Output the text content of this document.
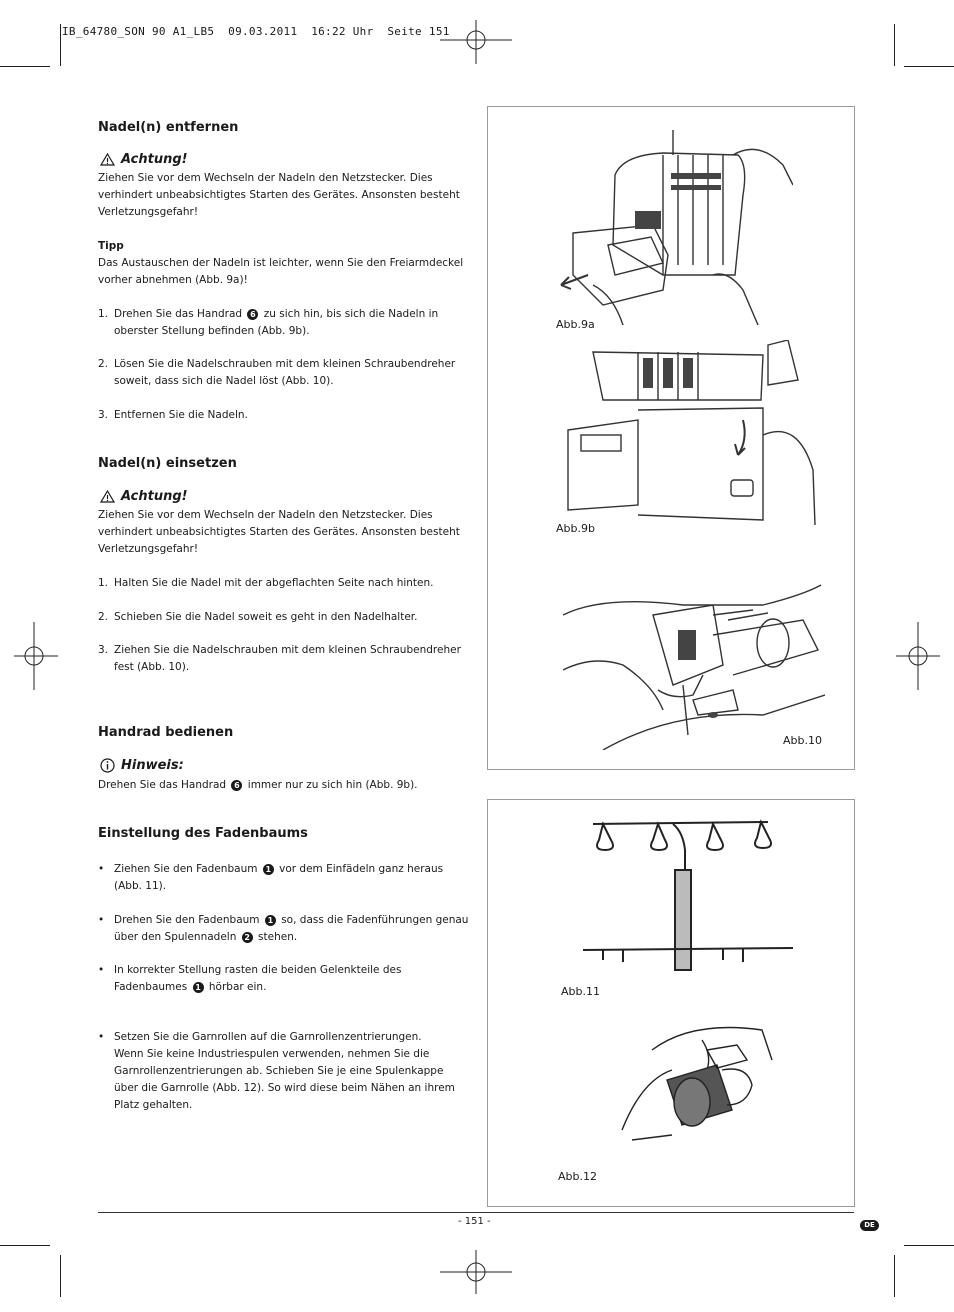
IB_64780_SON 90 A1_LB5  09.03.2011  16:22 Uhr  Seite 151
Nadel(n) entfernen
Achtung!
Ziehen Sie vor dem Wechseln der Nadeln den Netzstecker. Dies verhindert unbeabsichtigtes Starten des Gerätes. Ansonsten besteht Verletzungsgefahr!
Tipp
Das Austauschen der Nadeln ist leichter, wenn Sie den Freiarmdeckel vorher abnehmen (Abb. 9a)!
1. Drehen Sie das Handrad 6 zu sich hin, bis sich die Nadeln in oberster Stellung befinden (Abb. 9b).
2. Lösen Sie die Nadelschrauben mit dem kleinen Schraubendreher soweit, dass sich die Nadel löst (Abb. 10).
3. Entfernen Sie die Nadeln.
Nadel(n) einsetzen
Achtung!
Ziehen Sie vor dem Wechseln der Nadeln den Netzstecker. Dies verhindert unbeabsichtigtes Starten des Gerätes. Ansonsten besteht Verletzungsgefahr!
1. Halten Sie die Nadel mit der abgeflachten Seite nach hinten.
2. Schieben Sie die Nadel soweit es geht in den Nadelhalter.
3. Ziehen Sie die Nadelschrauben mit dem kleinen Schraubendreher fest (Abb. 10).
Handrad bedienen
Hinweis:
Drehen Sie das Handrad 6 immer nur zu sich hin (Abb. 9b).
Einstellung des Fadenbaums
• Ziehen Sie den Fadenbaum 1 vor dem Einfädeln ganz heraus (Abb. 11).
• Drehen Sie den Fadenbaum 1 so, dass die Fadenführungen genau über den Spulennadeln 2 stehen.
• In korrekter Stellung rasten die beiden Gelenkteile des Fadenbaumes 1 hörbar ein.
• Setzen Sie die Garnrollen auf die Garnrollenzentrierungen.
Wenn Sie keine Industriespulen verwenden, nehmen Sie die Garnrollenzentrierungen ab. Schieben Sie je eine Spulenkappe über die Garnrolle (Abb. 12). So wird diese beim Nähen an ihrem Platz gehalten.
Abb.9a
Abb.9b
Abb.10
Abb.11
Abb.12
- 151 -	DE
